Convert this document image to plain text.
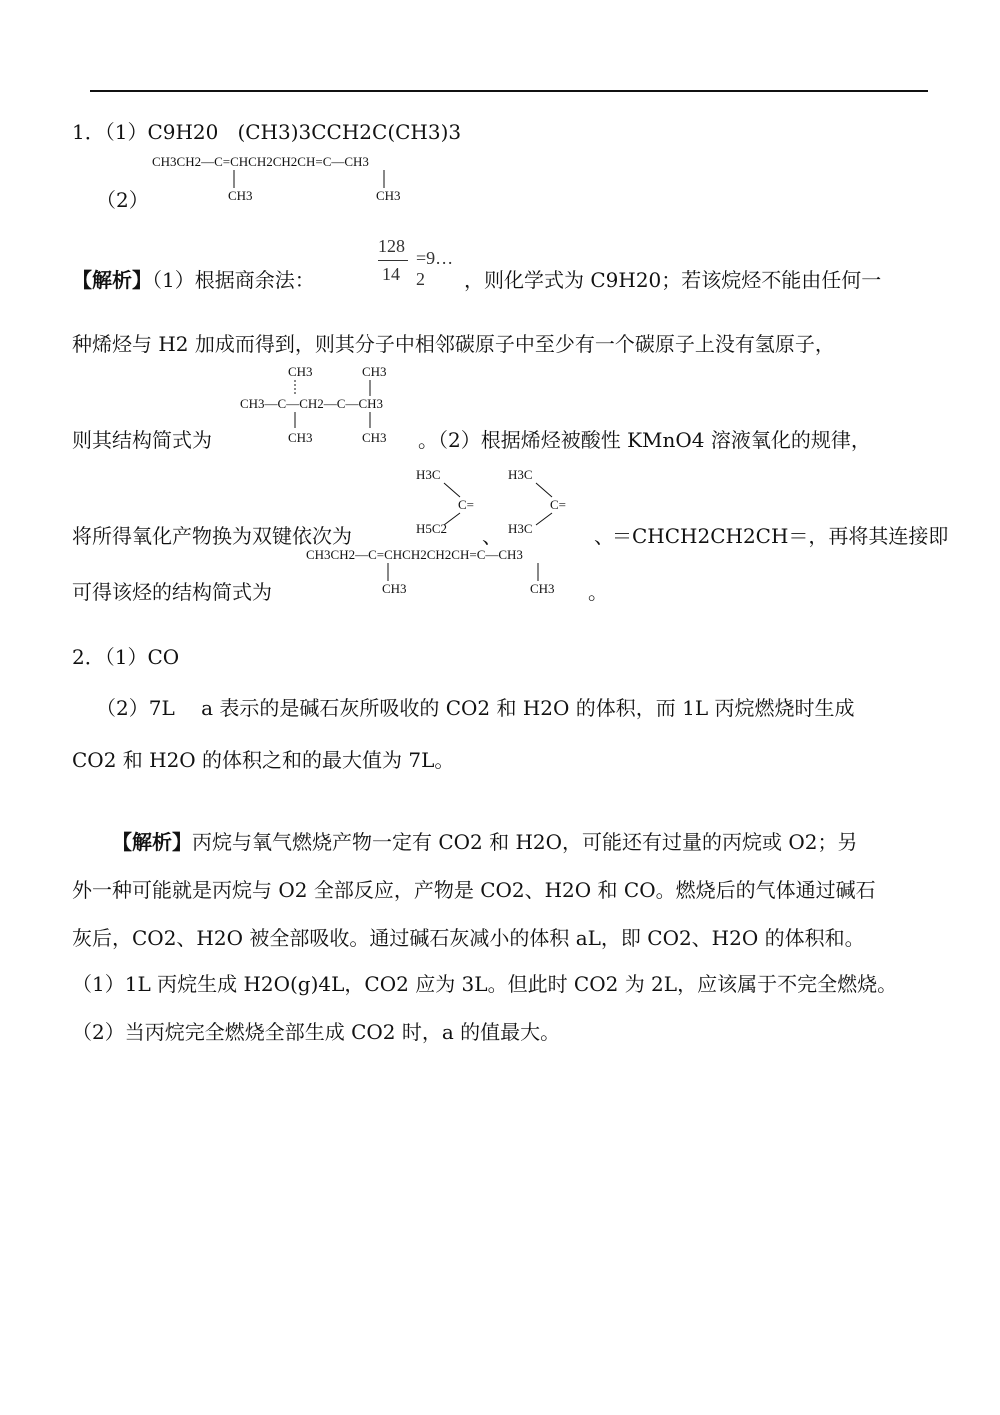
1．（1）C9H20 (CH3)3CCH2C(CH3)3
CH3CH2—C=CHCH2CH2CH=C—CH3
CH3	CH3
（2）
【解析】（1）根据商余法：
128
14
=9…2	，则化学式为 C9H20；若该烷烃不能由任何一
种烯烃与 H2 加成而得到，则其分子中相邻碳原子中至少有一个碳原子上没有氢原子，
CH3	CH3
CH3—C—CH2—C—CH3
CH3	CH3
则其结构简式为	。（2）根据烯烃被酸性 KMnO4 溶液氧化的规律，
H3C
C=
H5C2
H3C
C=
H3C
将所得氧化产物换为双键依次为	、	、
＝CHCH2CH2CH＝，再将其连接即
CH3CH2—C=CHCH2CH2CH=C—CH3
CH3	CH3
可得该烃的结构简式为	。
2．（1）CO
（2）7L　 a 表示的是碱石灰所吸收的 CO2 和 H2O 的体积，而 1L 丙烷燃烧时生成
CO2 和 H2O 的体积之和的最大值为 7L。
【解析】丙烷与氧气燃烧产物一定有 CO2 和 H2O，可能还有过量的丙烷或 O2；另
外一种可能就是丙烷与 O2 全部反应，产物是 CO2、H2O 和 CO。燃烧后的气体通过碱石
灰后，CO2、H2O 被全部吸收。通过碱石灰减小的体积 aL，即 CO2、H2O 的体积和。
（1）1L 丙烷生成 H2O(g)4L，CO2 应为 3L。但此时 CO2 为 2L，应该属于不完全燃烧。
（2）当丙烷完全燃烧全部生成 CO2 时，a 的值最大。
